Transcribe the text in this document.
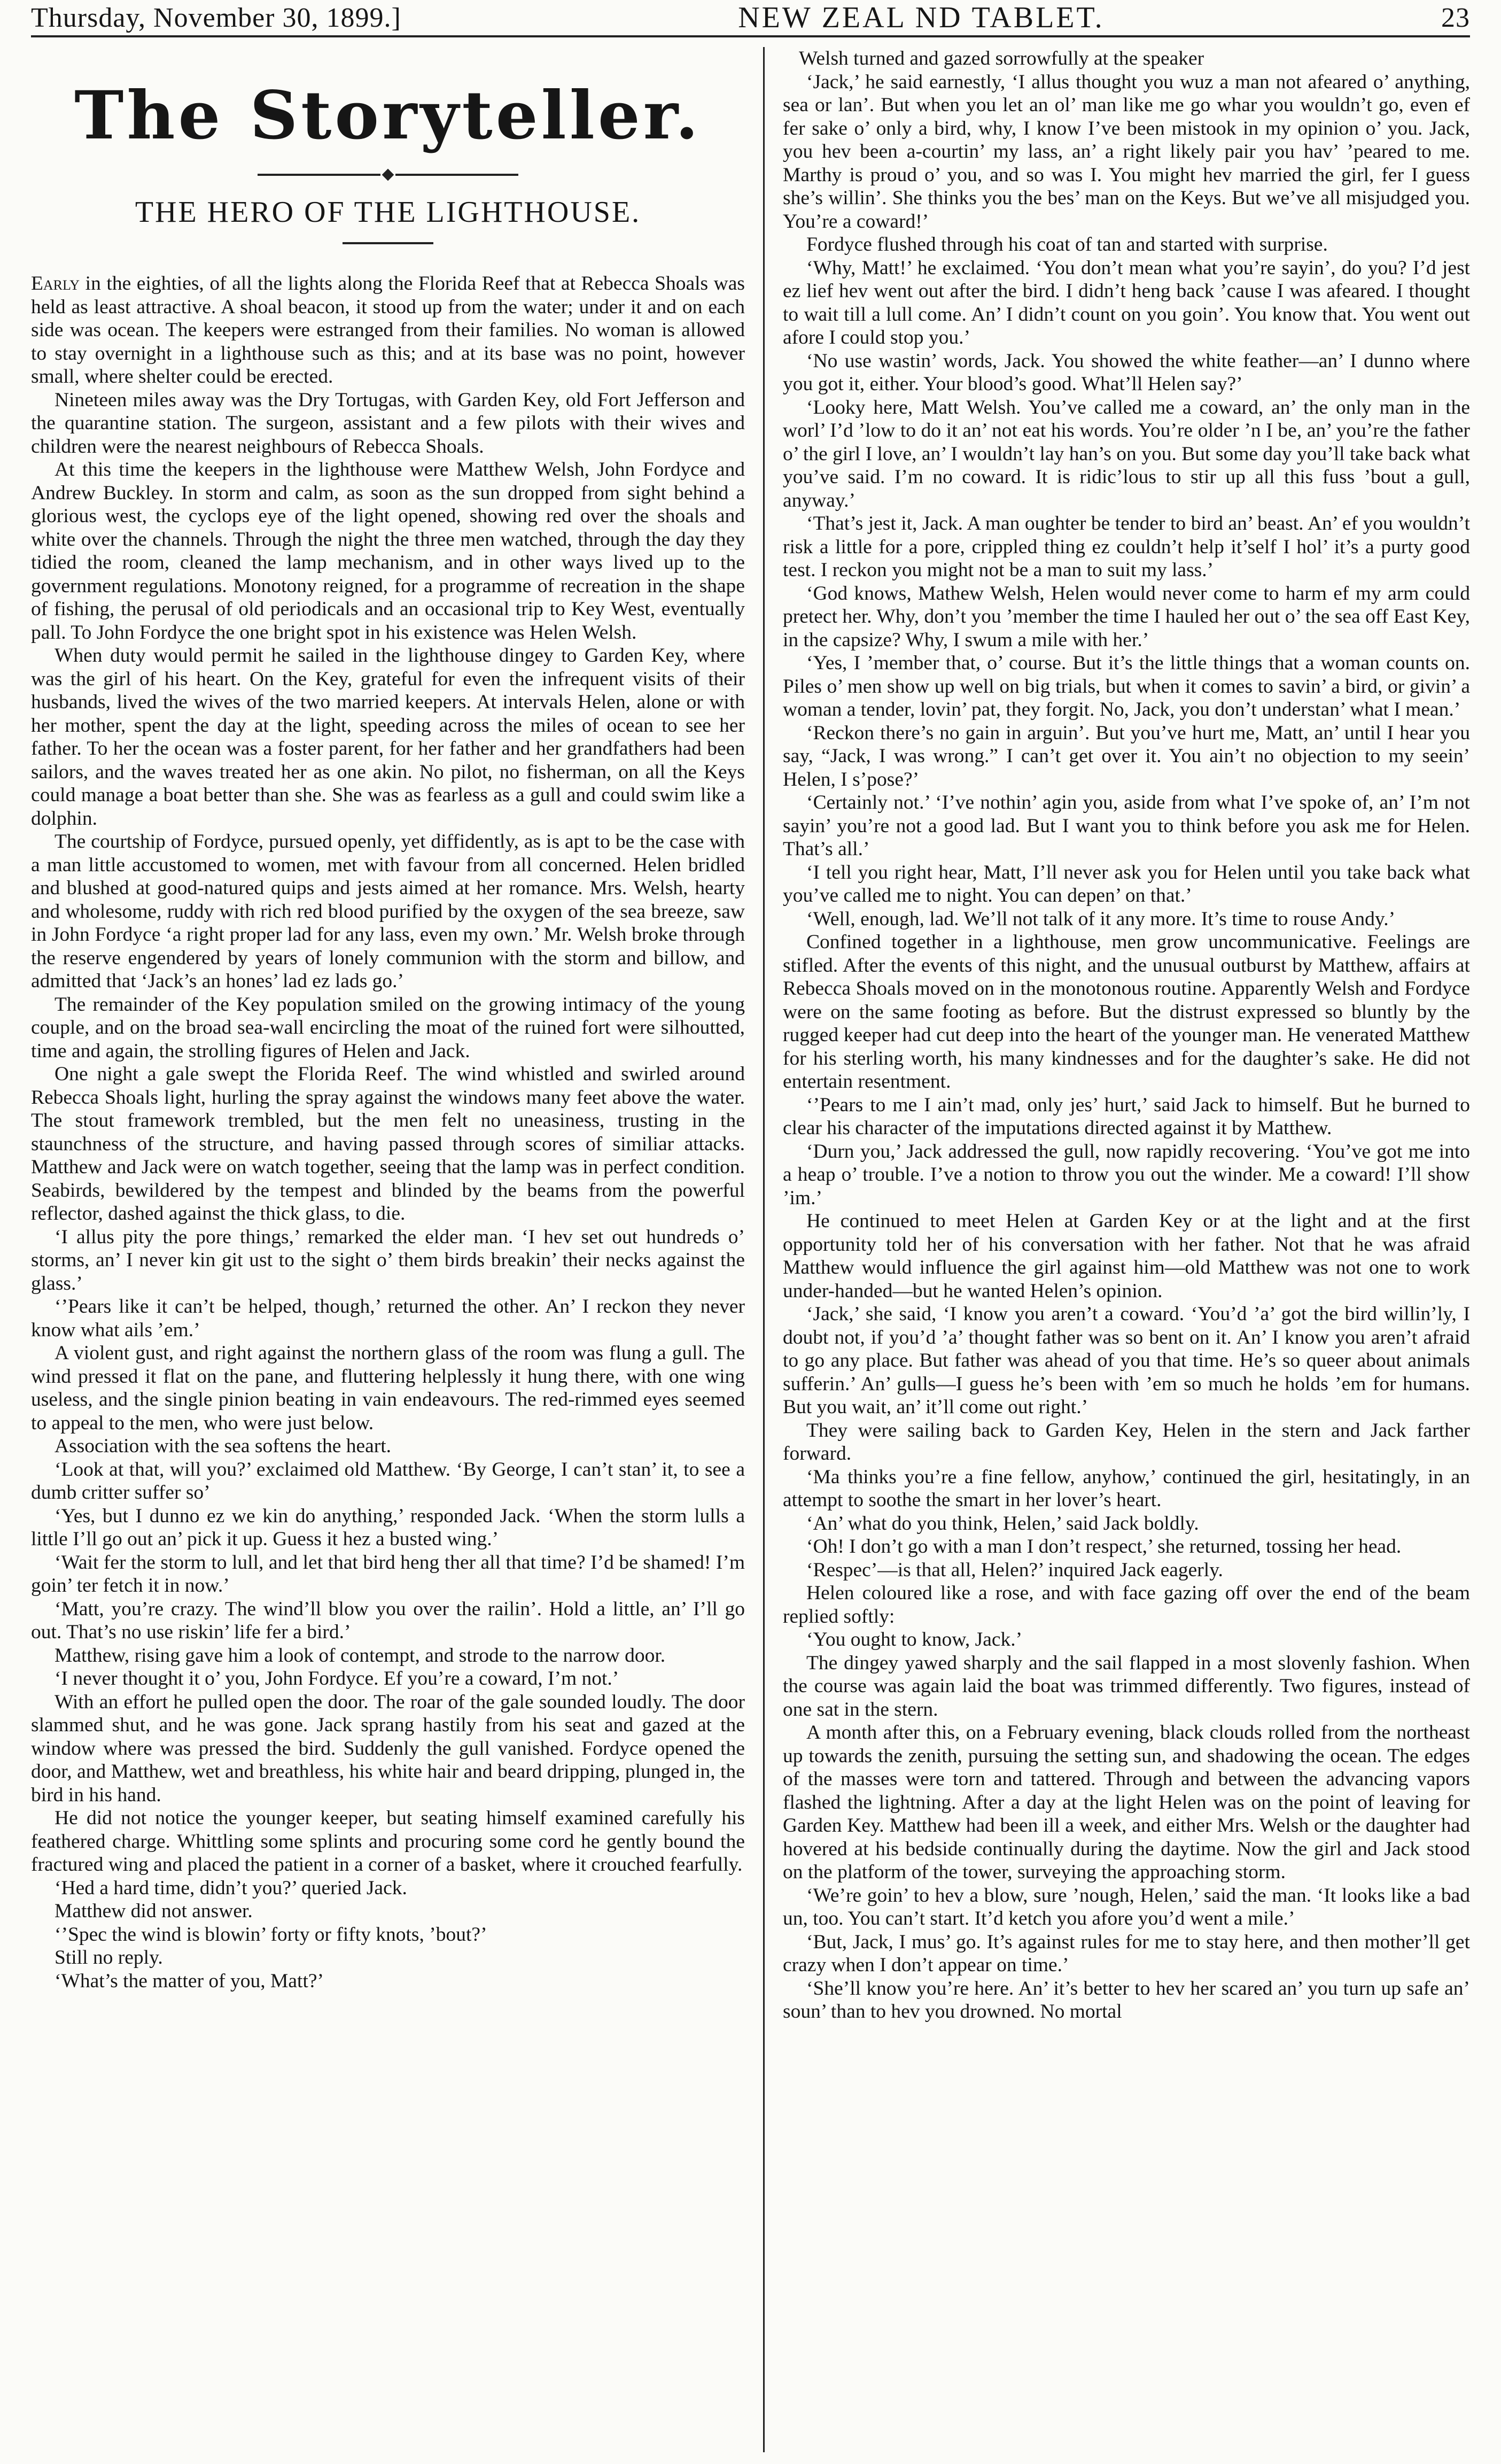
Thursday, November 30, 1899.]	NEW ZEAL ND TABLET.	23
The Storyteller.
THE HERO OF THE LIGHTHOUSE.

Early in the eighties, of all the lights along the Florida Reef that at Rebecca Shoals was held as least attractive. A shoal beacon, it stood up from the water; under it and on each side was ocean. The keepers were estranged from their families. No woman is allowed to stay overnight in a lighthouse such as this; and at its base was no point, however small, where shelter could be erected.

Nineteen miles away was the Dry Tortugas, with Garden Key, old Fort Jefferson and the quarantine station. The surgeon, assistant and a few pilots with their wives and children were the nearest neighbours of Rebecca Shoals.

At this time the keepers in the lighthouse were Matthew Welsh, John Fordyce and Andrew Buckley. In storm and calm, as soon as the sun dropped from sight behind a glorious west, the cyclops eye of the light opened, showing red over the shoals and white over the channels. Through the night the three men watched, through the day they tidied the room, cleaned the lamp mechanism, and in other ways lived up to the government regulations. Monotony reigned, for a programme of recreation in the shape of fishing, the perusal of old periodicals and an occasional trip to Key West, eventually pall. To John Fordyce the one bright spot in his existence was Helen Welsh.

When duty would permit he sailed in the lighthouse dingey to Garden Key, where was the girl of his heart. On the Key, grateful for even the infrequent visits of their husbands, lived the wives of the two married keepers. At intervals Helen, alone or with her mother, spent the day at the light, speeding across the miles of ocean to see her father. To her the ocean was a foster parent, for her father and her grandfathers had been sailors, and the waves treated her as one akin. No pilot, no fisherman, on all the Keys could manage a boat better than she. She was as fearless as a gull and could swim like a dolphin.

The courtship of Fordyce, pursued openly, yet diffidently, as is apt to be the case with a man little accustomed to women, met with favour from all concerned. Helen bridled and blushed at good-natured quips and jests aimed at her romance. Mrs. Welsh, hearty and wholesome, ruddy with rich red blood purified by the oxygen of the sea breeze, saw in John Fordyce ‘a right proper lad for any lass, even my own.’ Mr. Welsh broke through the reserve engendered by years of lonely communion with the storm and billow, and admitted that ‘Jack’s an hones’ lad ez lads go.’

The remainder of the Key population smiled on the growing intimacy of the young couple, and on the broad sea-wall encircling the moat of the ruined fort were silhoutted, time and again, the strolling figures of Helen and Jack.

One night a gale swept the Florida Reef. The wind whistled and swirled around Rebecca Shoals light, hurling the spray against the windows many feet above the water. The stout framework trembled, but the men felt no uneasiness, trusting in the staunchness of the structure, and having passed through scores of similiar attacks. Matthew and Jack were on watch together, seeing that the lamp was in perfect condition. Seabirds, bewildered by the tempest and blinded by the beams from the powerful reflector, dashed against the thick glass, to die.

‘I allus pity the pore things,’ remarked the elder man. ‘I hev set out hundreds o’ storms, an’ I never kin git ust to the sight o’ them birds breakin’ their necks against the glass.’

‘’Pears like it can’t be helped, though,’ returned the other. An’ I reckon they never know what ails ’em.’

A violent gust, and right against the northern glass of the room was flung a gull. The wind pressed it flat on the pane, and fluttering helplessly it hung there, with one wing useless, and the single pinion beating in vain endeavours. The red-rimmed eyes seemed to appeal to the men, who were just below.

Association with the sea softens the heart.

‘Look at that, will you?’ exclaimed old Matthew. ‘By George, I can’t stan’ it, to see a dumb critter suffer so’

‘Yes, but I dunno ez we kin do anything,’ responded Jack. ‘When the storm lulls a little I’ll go out an’ pick it up. Guess it hez a busted wing.’

‘Wait fer the storm to lull, and let that bird heng ther all that time? I’d be shamed! I’m goin’ ter fetch it in now.’

‘Matt, you’re crazy. The wind’ll blow you over the railin’. Hold a little, an’ I’ll go out. That’s no use riskin’ life fer a bird.’

Matthew, rising gave him a look of contempt, and strode to the narrow door.

‘I never thought it o’ you, John Fordyce. Ef you’re a coward, I’m not.’

With an effort he pulled open the door. The roar of the gale sounded loudly. The door slammed shut, and he was gone. Jack sprang hastily from his seat and gazed at the window where was pressed the bird. Suddenly the gull vanished. Fordyce opened the door, and Matthew, wet and breathless, his white hair and beard dripping, plunged in, the bird in his hand.

He did not notice the younger keeper, but seating himself examined carefully his feathered charge. Whittling some splints and procuring some cord he gently bound the fractured wing and placed the patient in a corner of a basket, where it crouched fearfully.

‘Hed a hard time, didn’t you?’ queried Jack.

Matthew did not answer.

‘’Spec the wind is blowin’ forty or fifty knots, ’bout?’

Still no reply.

‘What’s the matter of you, Matt?’

Welsh turned and gazed sorrowfully at the speaker

‘Jack,’ he said earnestly, ‘I allus thought you wuz a man not afeared o’ anything, sea or lan’. But when you let an ol’ man like me go whar you wouldn’t go, even ef fer sake o’ only a bird, why, I know I’ve been mistook in my opinion o’ you. Jack, you hev been a-courtin’ my lass, an’ a right likely pair you hav’ ’peared to me. Marthy is proud o’ you, and so was I. You might hev married the girl, fer I guess she’s willin’. She thinks you the bes’ man on the Keys. But we’ve all misjudged you. You’re a coward!’

Fordyce flushed through his coat of tan and started with surprise.

‘Why, Matt!’ he exclaimed. ‘You don’t mean what you’re sayin’, do you? I’d jest ez lief hev went out after the bird. I didn’t heng back ’cause I was afeared. I thought to wait till a lull come. An’ I didn’t count on you goin’. You know that. You went out afore I could stop you.’

‘No use wastin’ words, Jack. You showed the white feather—an’ I dunno where you got it, either. Your blood’s good. What’ll Helen say?’

‘Looky here, Matt Welsh. You’ve called me a coward, an’ the only man in the worl’ I’d ’low to do it an’ not eat his words. You’re older ’n I be, an’ you’re the father o’ the girl I love, an’ I wouldn’t lay han’s on you. But some day you’ll take back what you’ve said. I’m no coward. It is ridic’lous to stir up all this fuss ’bout a gull, anyway.’

‘That’s jest it, Jack. A man oughter be tender to bird an’ beast. An’ ef you wouldn’t risk a little for a pore, crippled thing ez couldn’t help it’self I hol’ it’s a purty good test. I reckon you might not be a man to suit my lass.’

‘God knows, Mathew Welsh, Helen would never come to harm ef my arm could pretect her. Why, don’t you ’member the time I hauled her out o’ the sea off East Key, in the capsize? Why, I swum a mile with her.’

‘Yes, I ’member that, o’ course. But it’s the little things that a woman counts on. Piles o’ men show up well on big trials, but when it comes to savin’ a bird, or givin’ a woman a tender, lovin’ pat, they forgit. No, Jack, you don’t understan’ what I mean.’

‘Reckon there’s no gain in arguin’. But you’ve hurt me, Matt, an’ until I hear you say, “Jack, I was wrong.” I can’t get over it. You ain’t no objection to my seein’ Helen, I s’pose?’

‘Certainly not.’ ‘I’ve nothin’ agin you, aside from what I’ve spoke of, an’ I’m not sayin’ you’re not a good lad. But I want you to think before you ask me for Helen. That’s all.’

‘I tell you right hear, Matt, I’ll never ask you for Helen until you take back what you’ve called me to night. You can depen’ on that.’

‘Well, enough, lad. We’ll not talk of it any more. It’s time to rouse Andy.’

Confined together in a lighthouse, men grow uncommunicative. Feelings are stifled. After the events of this night, and the unusual outburst by Matthew, affairs at Rebecca Shoals moved on in the monotonous routine. Apparently Welsh and Fordyce were on the same footing as before. But the distrust expressed so bluntly by the rugged keeper had cut deep into the heart of the younger man. He venerated Matthew for his sterling worth, his many kindnesses and for the daughter’s sake. He did not entertain resentment.

‘’Pears to me I ain’t mad, only jes’ hurt,’ said Jack to himself. But he burned to clear his character of the imputations directed against it by Matthew.

‘Durn you,’ Jack addressed the gull, now rapidly recovering. ‘You’ve got me into a heap o’ trouble. I’ve a notion to throw you out the winder. Me a coward! I’ll show ’im.’

He continued to meet Helen at Garden Key or at the light and at the first opportunity told her of his conversation with her father. Not that he was afraid Matthew would influence the girl against him—old Matthew was not one to work under-handed—but he wanted Helen’s opinion.

‘Jack,’ she said, ‘I know you aren’t a coward. ‘You’d ’a’ got the bird willin’ly, I doubt not, if you’d ’a’ thought father was so bent on it. An’ I know you aren’t afraid to go any place. But father was ahead of you that time. He’s so queer about animals sufferin.’ An’ gulls—I guess he’s been with ’em so much he holds ’em for humans. But you wait, an’ it’ll come out right.’

They were sailing back to Garden Key, Helen in the stern and Jack farther forward.

‘Ma thinks you’re a fine fellow, anyhow,’ continued the girl, hesitatingly, in an attempt to soothe the smart in her lover’s heart.

‘An’ what do you think, Helen,’ said Jack boldly.

‘Oh! I don’t go with a man I don’t respect,’ she returned, tossing her head.

‘Respec’—is that all, Helen?’ inquired Jack eagerly.

Helen coloured like a rose, and with face gazing off over the end of the beam replied softly:

‘You ought to know, Jack.’

The dingey yawed sharply and the sail flapped in a most slovenly fashion. When the course was again laid the boat was trimmed differently. Two figures, instead of one sat in the stern.

A month after this, on a February evening, black clouds rolled from the northeast up towards the zenith, pursuing the setting sun, and shadowing the ocean. The edges of the masses were torn and tattered. Through and between the advancing vapors flashed the lightning. After a day at the light Helen was on the point of leaving for Garden Key. Matthew had been ill a week, and either Mrs. Welsh or the daughter had hovered at his bedside continually during the daytime. Now the girl and Jack stood on the platform of the tower, surveying the approaching storm.

‘We’re goin’ to hev a blow, sure ’nough, Helen,’ said the man. ‘It looks like a bad un, too. You can’t start. It’d ketch you afore you’d went a mile.’

‘But, Jack, I mus’ go. It’s against rules for me to stay here, and then mother’ll get crazy when I don’t appear on time.’

‘She’ll know you’re here. An’ it’s better to hev her scared an’ you turn up safe an’ soun’ than to hev you drowned. No mortal
